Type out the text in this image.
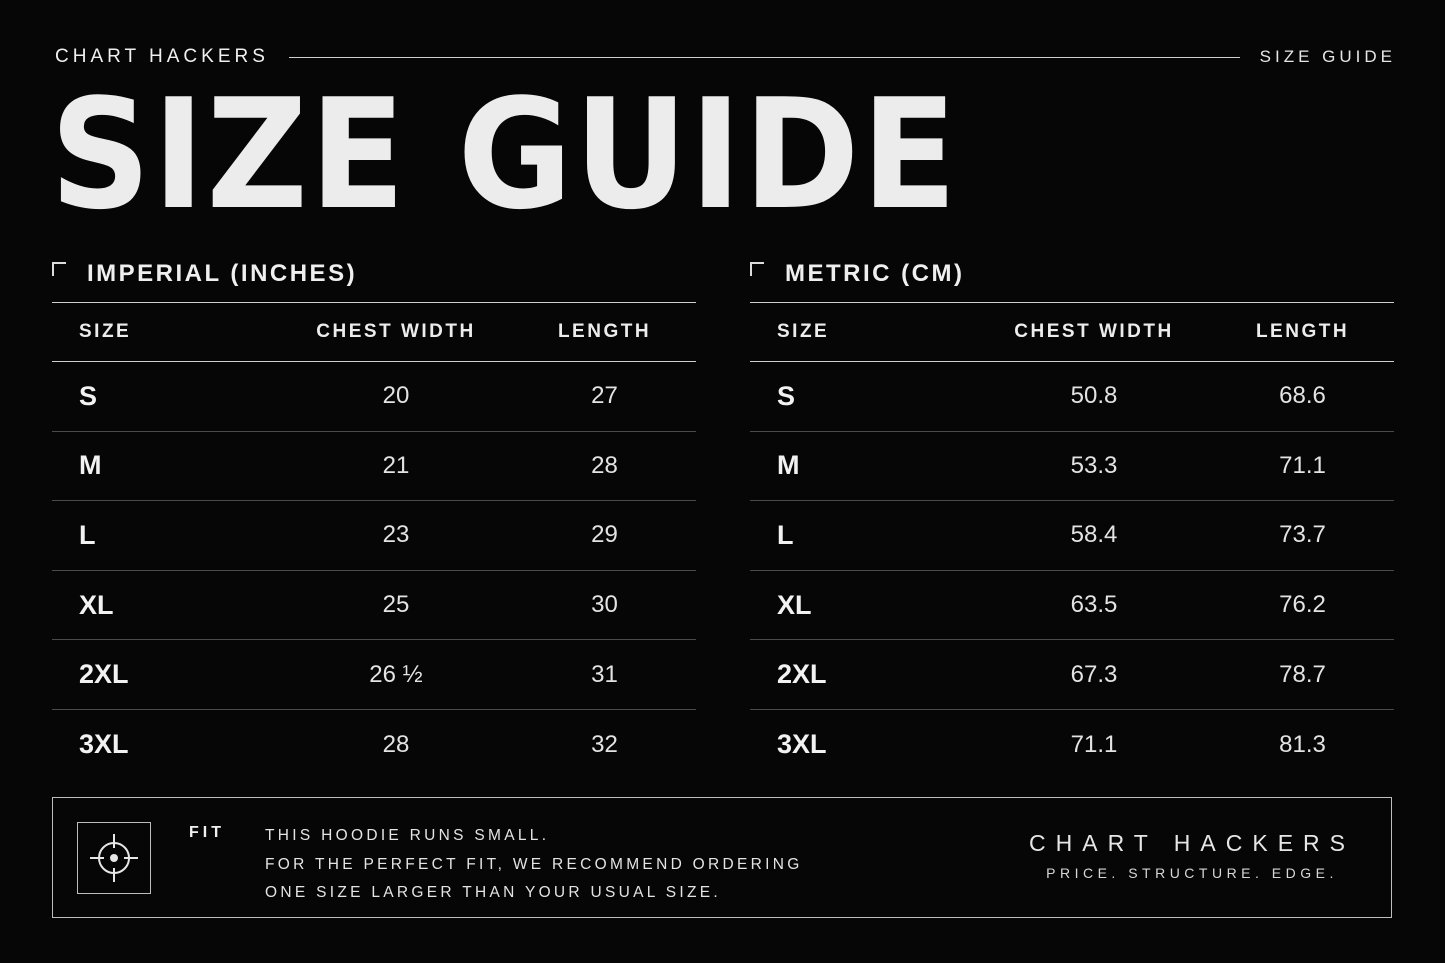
CHART HACKERS	SIZE GUIDE
SIZE GUIDE
IMPERIAL (INCHES)
SIZE	CHEST WIDTH	LENGTH
S	20	27
M	21	28
L	23	29
XL	25	30
2XL	26 ½	31
3XL	28	32
METRIC (CM)
SIZE	CHEST WIDTH	LENGTH
S	50.8	68.6
M	53.3	71.1
L	58.4	73.7
XL	63.5	76.2
2XL	67.3	78.7
3XL	71.1	81.3
FIT	THIS HOODIE RUNS SMALL.
FOR THE PERFECT FIT, WE RECOMMEND ORDERING
ONE SIZE LARGER THAN YOUR USUAL SIZE.
CHART HACKERS
PRICE. STRUCTURE. EDGE.
